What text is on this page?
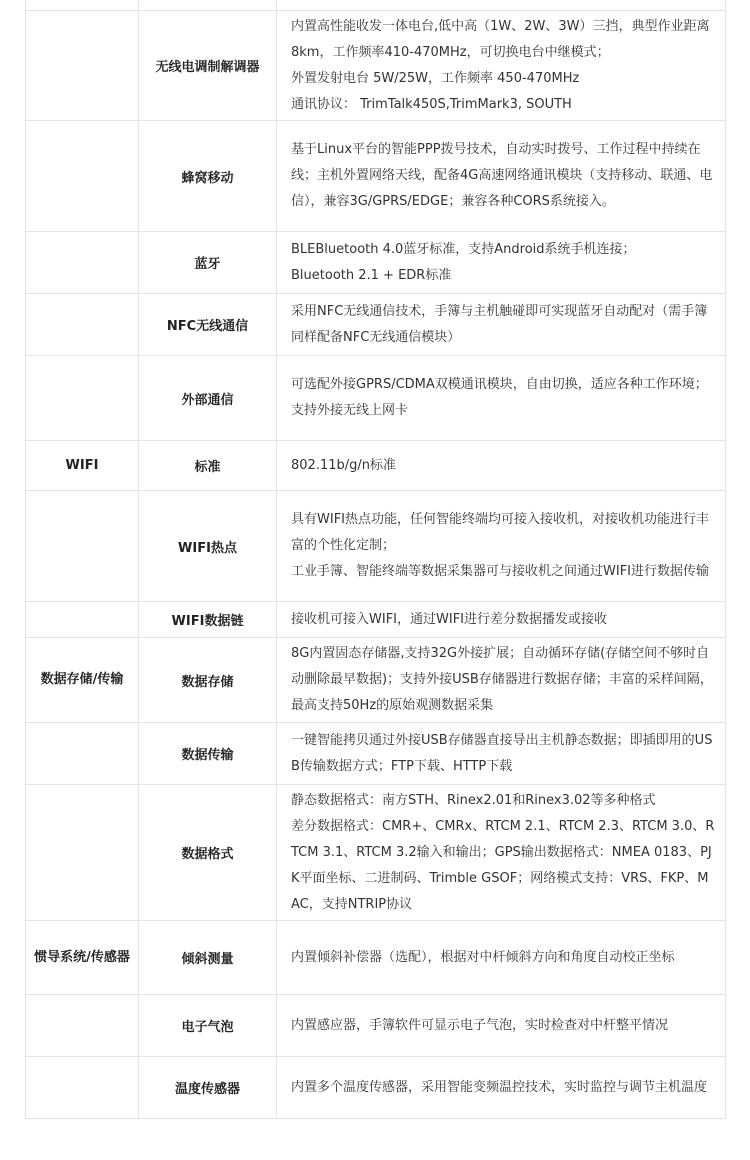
	无线电调制解调器	内置高性能收发一体电台,低中高（1W、2W、3W）三挡，典型作业距离8km，工作频率410-470MHz，可切换电台中继模式；
外置发射电台 5W/25W，工作频率 450-470MHz
通讯协议： TrimTalk450S,TrimMark3, SOUTH
	蜂窝移动	基于Linux平台的智能PPP拨号技术，自动实时拨号、工作过程中持续在线；主机外置网络天线，配备4G高速网络通讯模块（支持移动、联通、电信），兼容3G/GPRS/EDGE；兼容各种CORS系统接入。
	蓝牙	BLEBluetooth 4.0蓝牙标准，支持Android系统手机连接；
Bluetooth 2.1 + EDR标准
	NFC无线通信	采用NFC无线通信技术，手簿与主机触碰即可实现蓝牙自动配对（需手簿同样配备NFC无线通信模块）
	外部通信	可选配外接GPRS/CDMA双模通讯模块，自由切换，适应各种工作环境；
支持外接无线上网卡
WIFI	标准	802.11b/g/n标准
	WIFI热点	具有WIFI热点功能，任何智能终端均可接入接收机，对接收机功能进行丰富的个性化定制；
工业手簿、智能终端等数据采集器可与接收机之间通过WIFI进行数据传输
	WIFI数据链	接收机可接入WIFI，通过WIFI进行差分数据播发或接收
数据存储/传输	数据存储	8G内置固态存储器,支持32G外接扩展；自动循环存储(存储空间不够时自动删除最早数据)；支持外接USB存储器进行数据存储；丰富的采样间隔，最高支持50Hz的原始观测数据采集
	数据传输	一键智能拷贝通过外接USB存储器直接导出主机静态数据；即插即用的USB传输数据方式；FTP下载、HTTP下载
	数据格式	静态数据格式：南方STH、Rinex2.01和Rinex3.02等多种格式
差分数据格式：CMR+、CMRx、RTCM 2.1、RTCM 2.3、RTCM 3.0、RTCM 3.1、RTCM 3.2输入和输出；GPS输出数据格式：NMEA 0183、PJK平面坐标、二进制码、Trimble GSOF；网络模式支持：VRS、FKP、MAC，支持NTRIP协议
惯导系统/传感器	倾斜测量	内置倾斜补偿器（选配），根据对中杆倾斜方向和角度自动校正坐标
	电子气泡	内置感应器，手簿软件可显示电子气泡，实时检查对中杆整平情况
	温度传感器	内置多个温度传感器，采用智能变频温控技术，实时监控与调节主机温度
